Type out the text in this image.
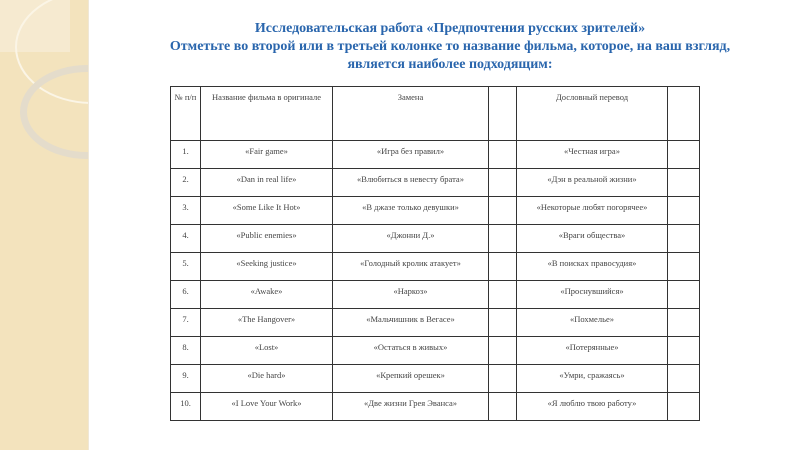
Исследовательская работа «Предпочтения русских зрителей»
Отметьте во второй или в третьей колонке то название фильма, которое, на ваш взгляд,
является наиболее подходящим:
№ п/п	Название фильма в оригинале	Замена		Дословный перевод	
1.	«Fair game»	«Игра без правил»		«Честная игра»	
2.	«Dan in real life»	«Влюбиться в невесту брата»		«Дэн в реальной жизни»	
3.	«Some Like It Hot»	«В джазе только девушки»		«Некоторые любят погорячее»	
4.	«Public enemies»	«Джонни Д.»		«Враги общества»	
5.	«Seeking justice»	«Голодный кролик атакует»		«В поисках правосудия»	
6.	«Awake»	«Наркоз»		«Проснувшийся»	
7.	«The Hangover»	«Мальчишник в Вегасе»		«Похмелье»	
8.	«Lost»	«Остаться в живых»		«Потерянные»	
9.	«Die hard»	«Крепкий орешек»		«Умри, сражаясь»	
10.	«I Love Your Work»	«Две жизни Грея Эванса»		«Я люблю твою работу»	
